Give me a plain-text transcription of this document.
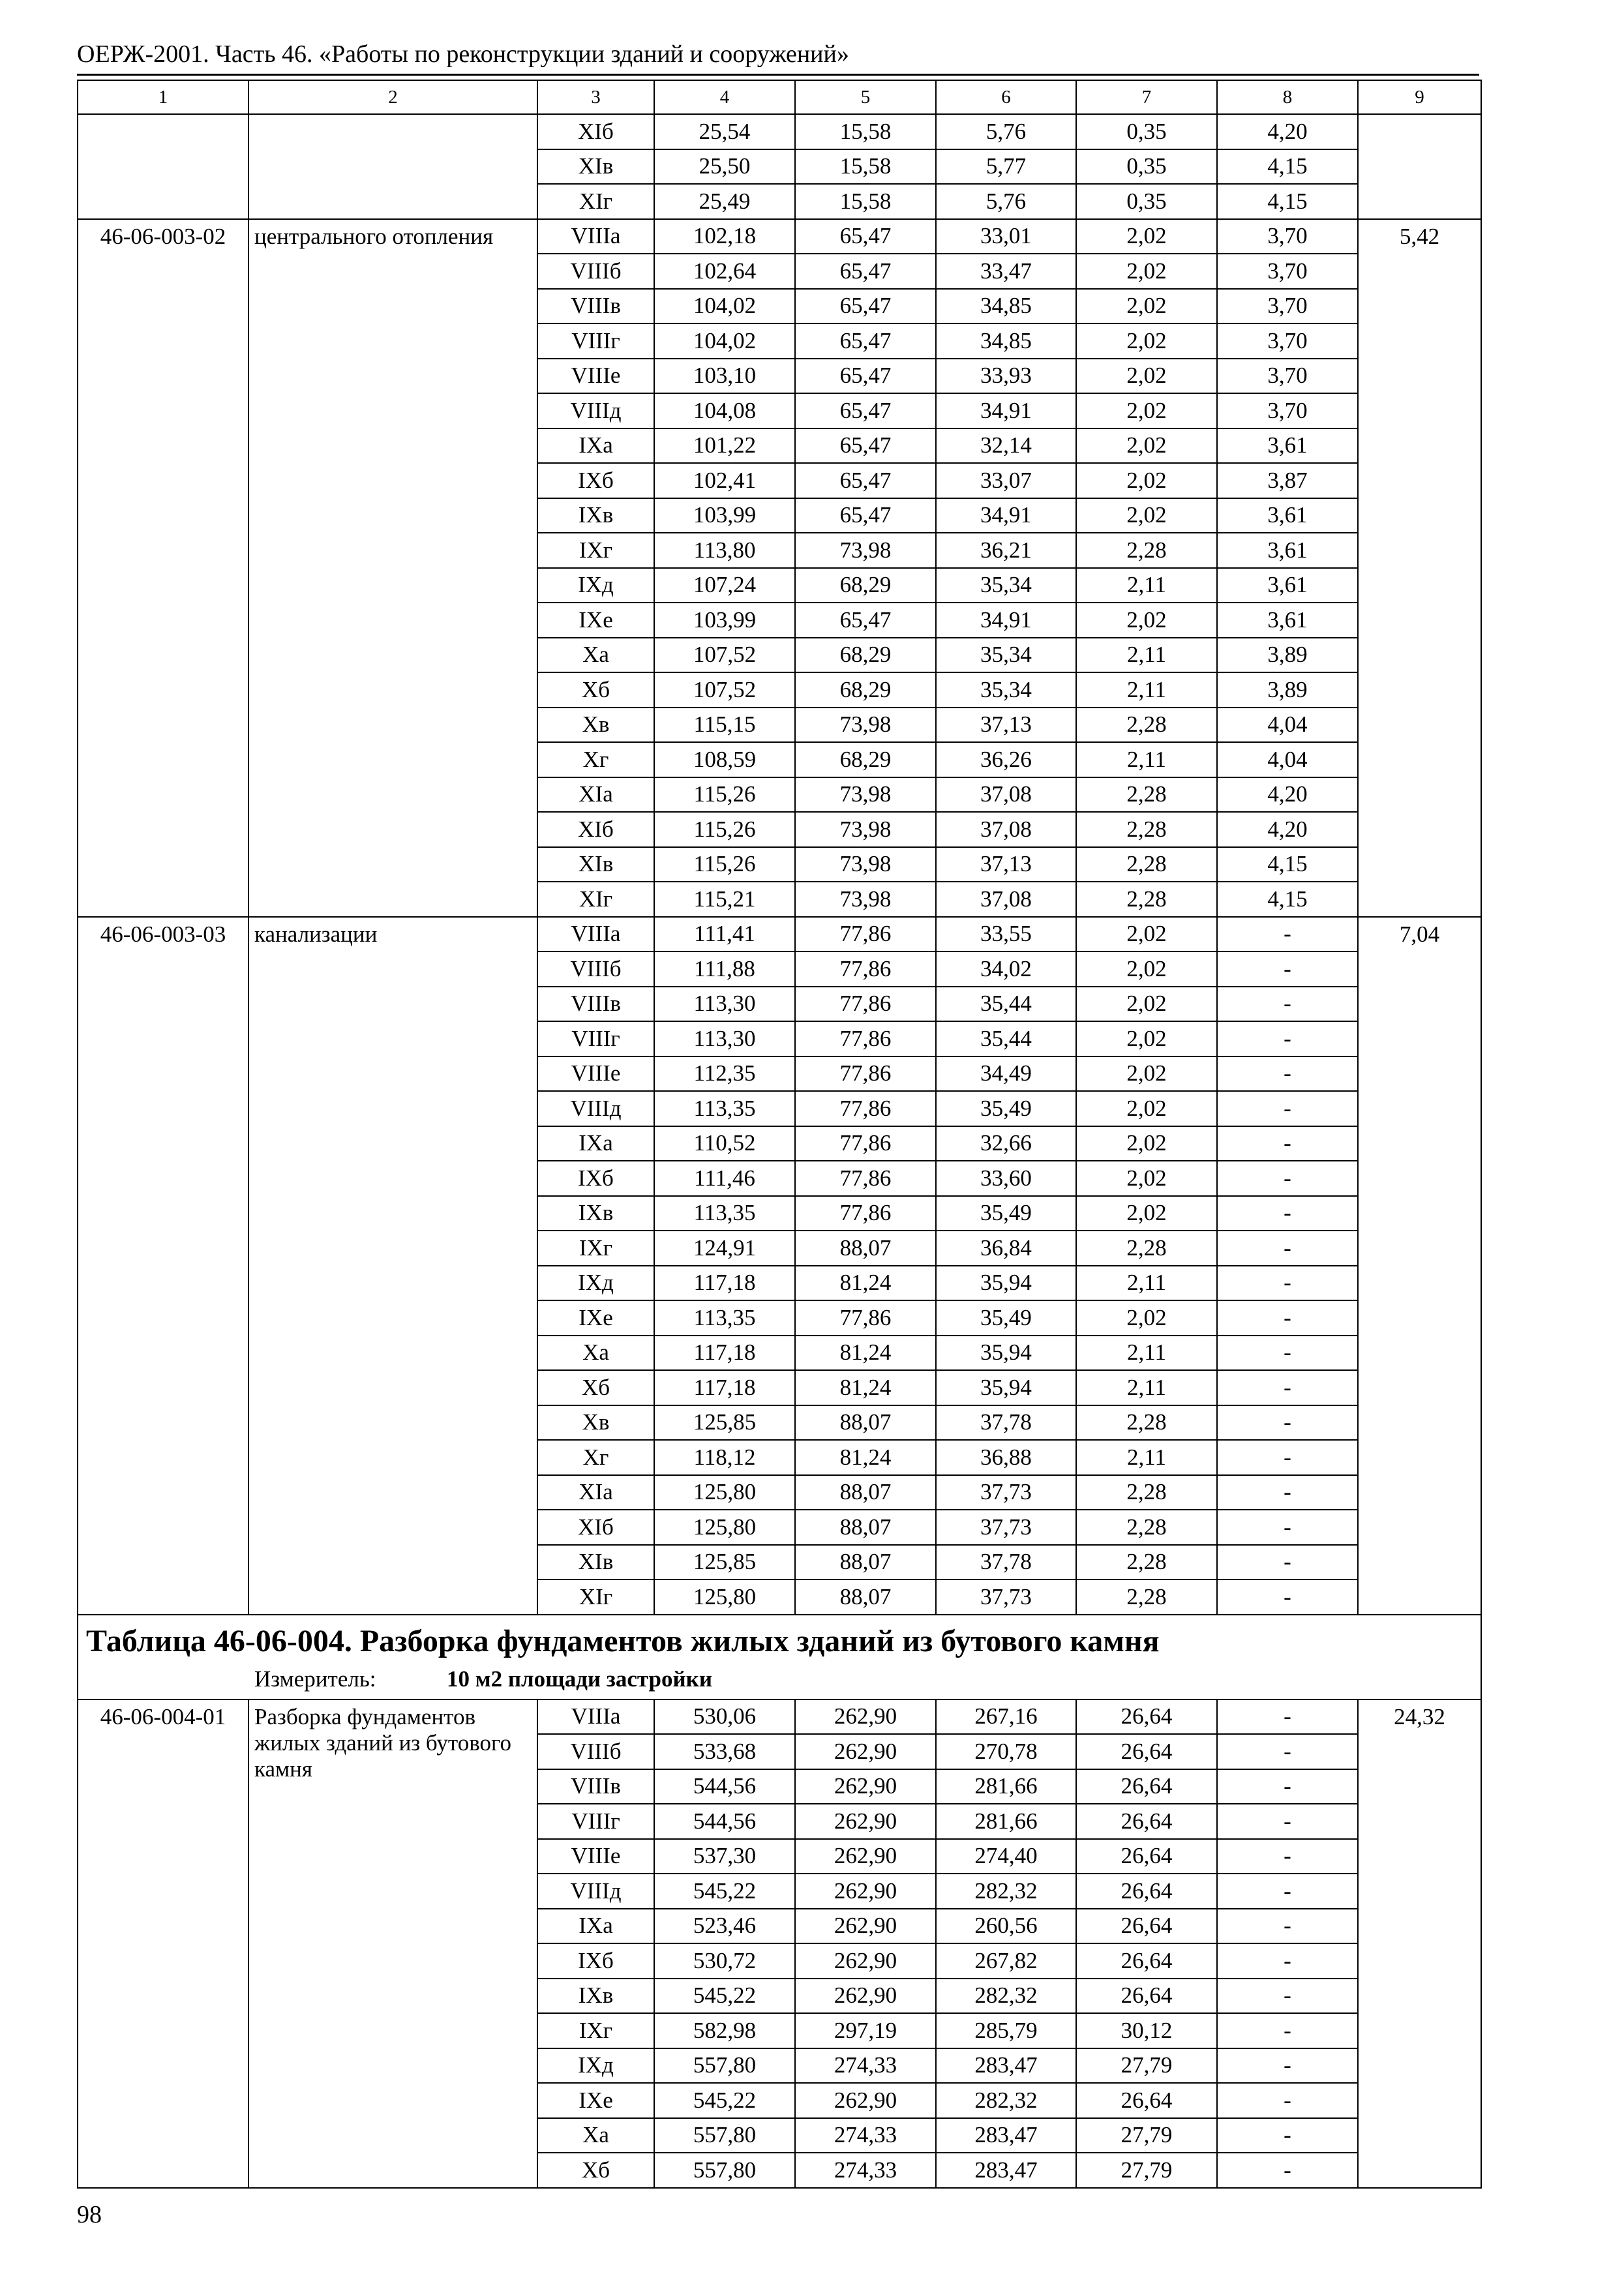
ОЕРЖ-2001. Часть 46. «Работы по реконструкции зданий и сооружений»
1	2	3	4	5	6	7	8	9
		ХIб	25,54	15,58	5,76	0,35	4,20	
		ХIв	25,50	15,58	5,77	0,35	4,15	
		ХIг	25,49	15,58	5,76	0,35	4,15	
46-06-003-02	центрального отопления	VIIIа	102,18	65,47	33,01	2,02	3,70	5,42
		VIIIб	102,64	65,47	33,47	2,02	3,70	
		VIIIв	104,02	65,47	34,85	2,02	3,70	
		VIIIг	104,02	65,47	34,85	2,02	3,70	
		VIIIе	103,10	65,47	33,93	2,02	3,70	
		VIIIд	104,08	65,47	34,91	2,02	3,70	
		IXа	101,22	65,47	32,14	2,02	3,61	
		IXб	102,41	65,47	33,07	2,02	3,87	
		IXв	103,99	65,47	34,91	2,02	3,61	
		IXг	113,80	73,98	36,21	2,28	3,61	
		IXд	107,24	68,29	35,34	2,11	3,61	
		IXе	103,99	65,47	34,91	2,02	3,61	
		Ха	107,52	68,29	35,34	2,11	3,89	
		Хб	107,52	68,29	35,34	2,11	3,89	
		Хв	115,15	73,98	37,13	2,28	4,04	
		Хг	108,59	68,29	36,26	2,11	4,04	
		ХIа	115,26	73,98	37,08	2,28	4,20	
		ХIб	115,26	73,98	37,08	2,28	4,20	
		ХIв	115,26	73,98	37,13	2,28	4,15	
		ХIг	115,21	73,98	37,08	2,28	4,15	
46-06-003-03	канализации	VIIIа	111,41	77,86	33,55	2,02	-	7,04
		VIIIб	111,88	77,86	34,02	2,02	-	
		VIIIв	113,30	77,86	35,44	2,02	-	
		VIIIг	113,30	77,86	35,44	2,02	-	
		VIIIе	112,35	77,86	34,49	2,02	-	
		VIIIд	113,35	77,86	35,49	2,02	-	
		IXа	110,52	77,86	32,66	2,02	-	
		IXб	111,46	77,86	33,60	2,02	-	
		IXв	113,35	77,86	35,49	2,02	-	
		IXг	124,91	88,07	36,84	2,28	-	
		IXд	117,18	81,24	35,94	2,11	-	
		IXе	113,35	77,86	35,49	2,02	-	
		Ха	117,18	81,24	35,94	2,11	-	
		Хб	117,18	81,24	35,94	2,11	-	
		Хв	125,85	88,07	37,78	2,28	-	
		Хг	118,12	81,24	36,88	2,11	-	
		ХIа	125,80	88,07	37,73	2,28	-	
		ХIб	125,80	88,07	37,73	2,28	-	
		ХIв	125,85	88,07	37,78	2,28	-	
		ХIг	125,80	88,07	37,73	2,28	-	

Таблица 46-06-004. Разборка фундаментов жилых зданий из бутового камня
Измеритель: 10 м2 площади застройки								

46-06-004-01	Разборка фундаментов жилых зданий из бутового камня	VIIIа	530,06	262,90	267,16	26,64	-	24,32
		VIIIб	533,68	262,90	270,78	26,64	-	
		VIIIв	544,56	262,90	281,66	26,64	-	
		VIIIг	544,56	262,90	281,66	26,64	-	
		VIIIе	537,30	262,90	274,40	26,64	-	
		VIIIд	545,22	262,90	282,32	26,64	-	
		IXа	523,46	262,90	260,56	26,64	-	
		IXб	530,72	262,90	267,82	26,64	-	
		IXв	545,22	262,90	282,32	26,64	-	
		IXг	582,98	297,19	285,79	30,12	-	
		IXд	557,80	274,33	283,47	27,79	-	
		IXе	545,22	262,90	282,32	26,64	-	
		Ха	557,80	274,33	283,47	27,79	-	
		Хб	557,80	274,33	283,47	27,79	-	
98
